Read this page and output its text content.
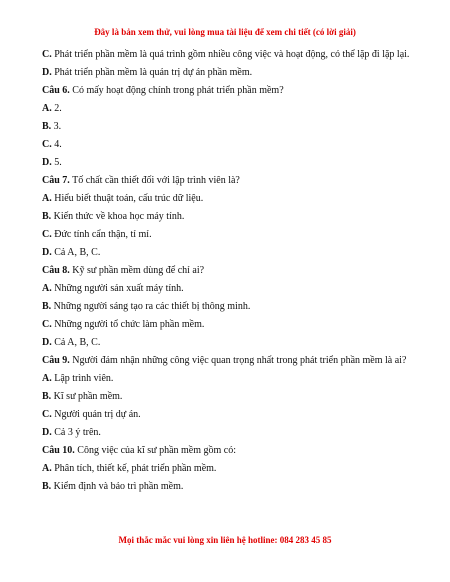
Đây là bản xem thử, vui lòng mua tài liệu để xem chi tiết (có lời giải)
C. Phát triển phần mềm là quá trình gồm nhiều công việc và hoạt động, có thể lặp đi lặp lại.
D. Phát triển phần mềm là quản trị dự án phần mềm.
Câu 6. Có mấy hoạt động chính trong phát triển phần mềm?
A. 2.
B. 3.
C. 4.
D. 5.
Câu 7. Tố chất cần thiết đối với lập trình viên là?
A. Hiểu biết thuật toán, cấu trúc dữ liệu.
B. Kiến thức về khoa học máy tính.
C. Đức tính cẩn thận, tỉ mỉ.
D. Cả A, B, C.
Câu 8. Kỹ sư phần mềm dùng để chỉ ai?
A. Những người sản xuất máy tính.
B. Những người sáng tạo ra các thiết bị thông minh.
C. Những người tổ chức làm phần mềm.
D. Cả A, B, C.
Câu 9. Người đảm nhận những công việc quan trọng nhất trong phát triển phần mềm là ai?
A. Lập trình viên.
B. Kĩ sư phần mềm.
C. Người quản trị dự án.
D. Cả 3 ý trên.
Câu 10. Công việc của kĩ sư phần mềm gồm có:
A. Phân tích, thiết kế, phát triển phần mềm.
B. Kiểm định và bảo trì phần mềm.
Mọi thắc mắc vui lòng xin liên hệ hotline: 084 283 45 85
